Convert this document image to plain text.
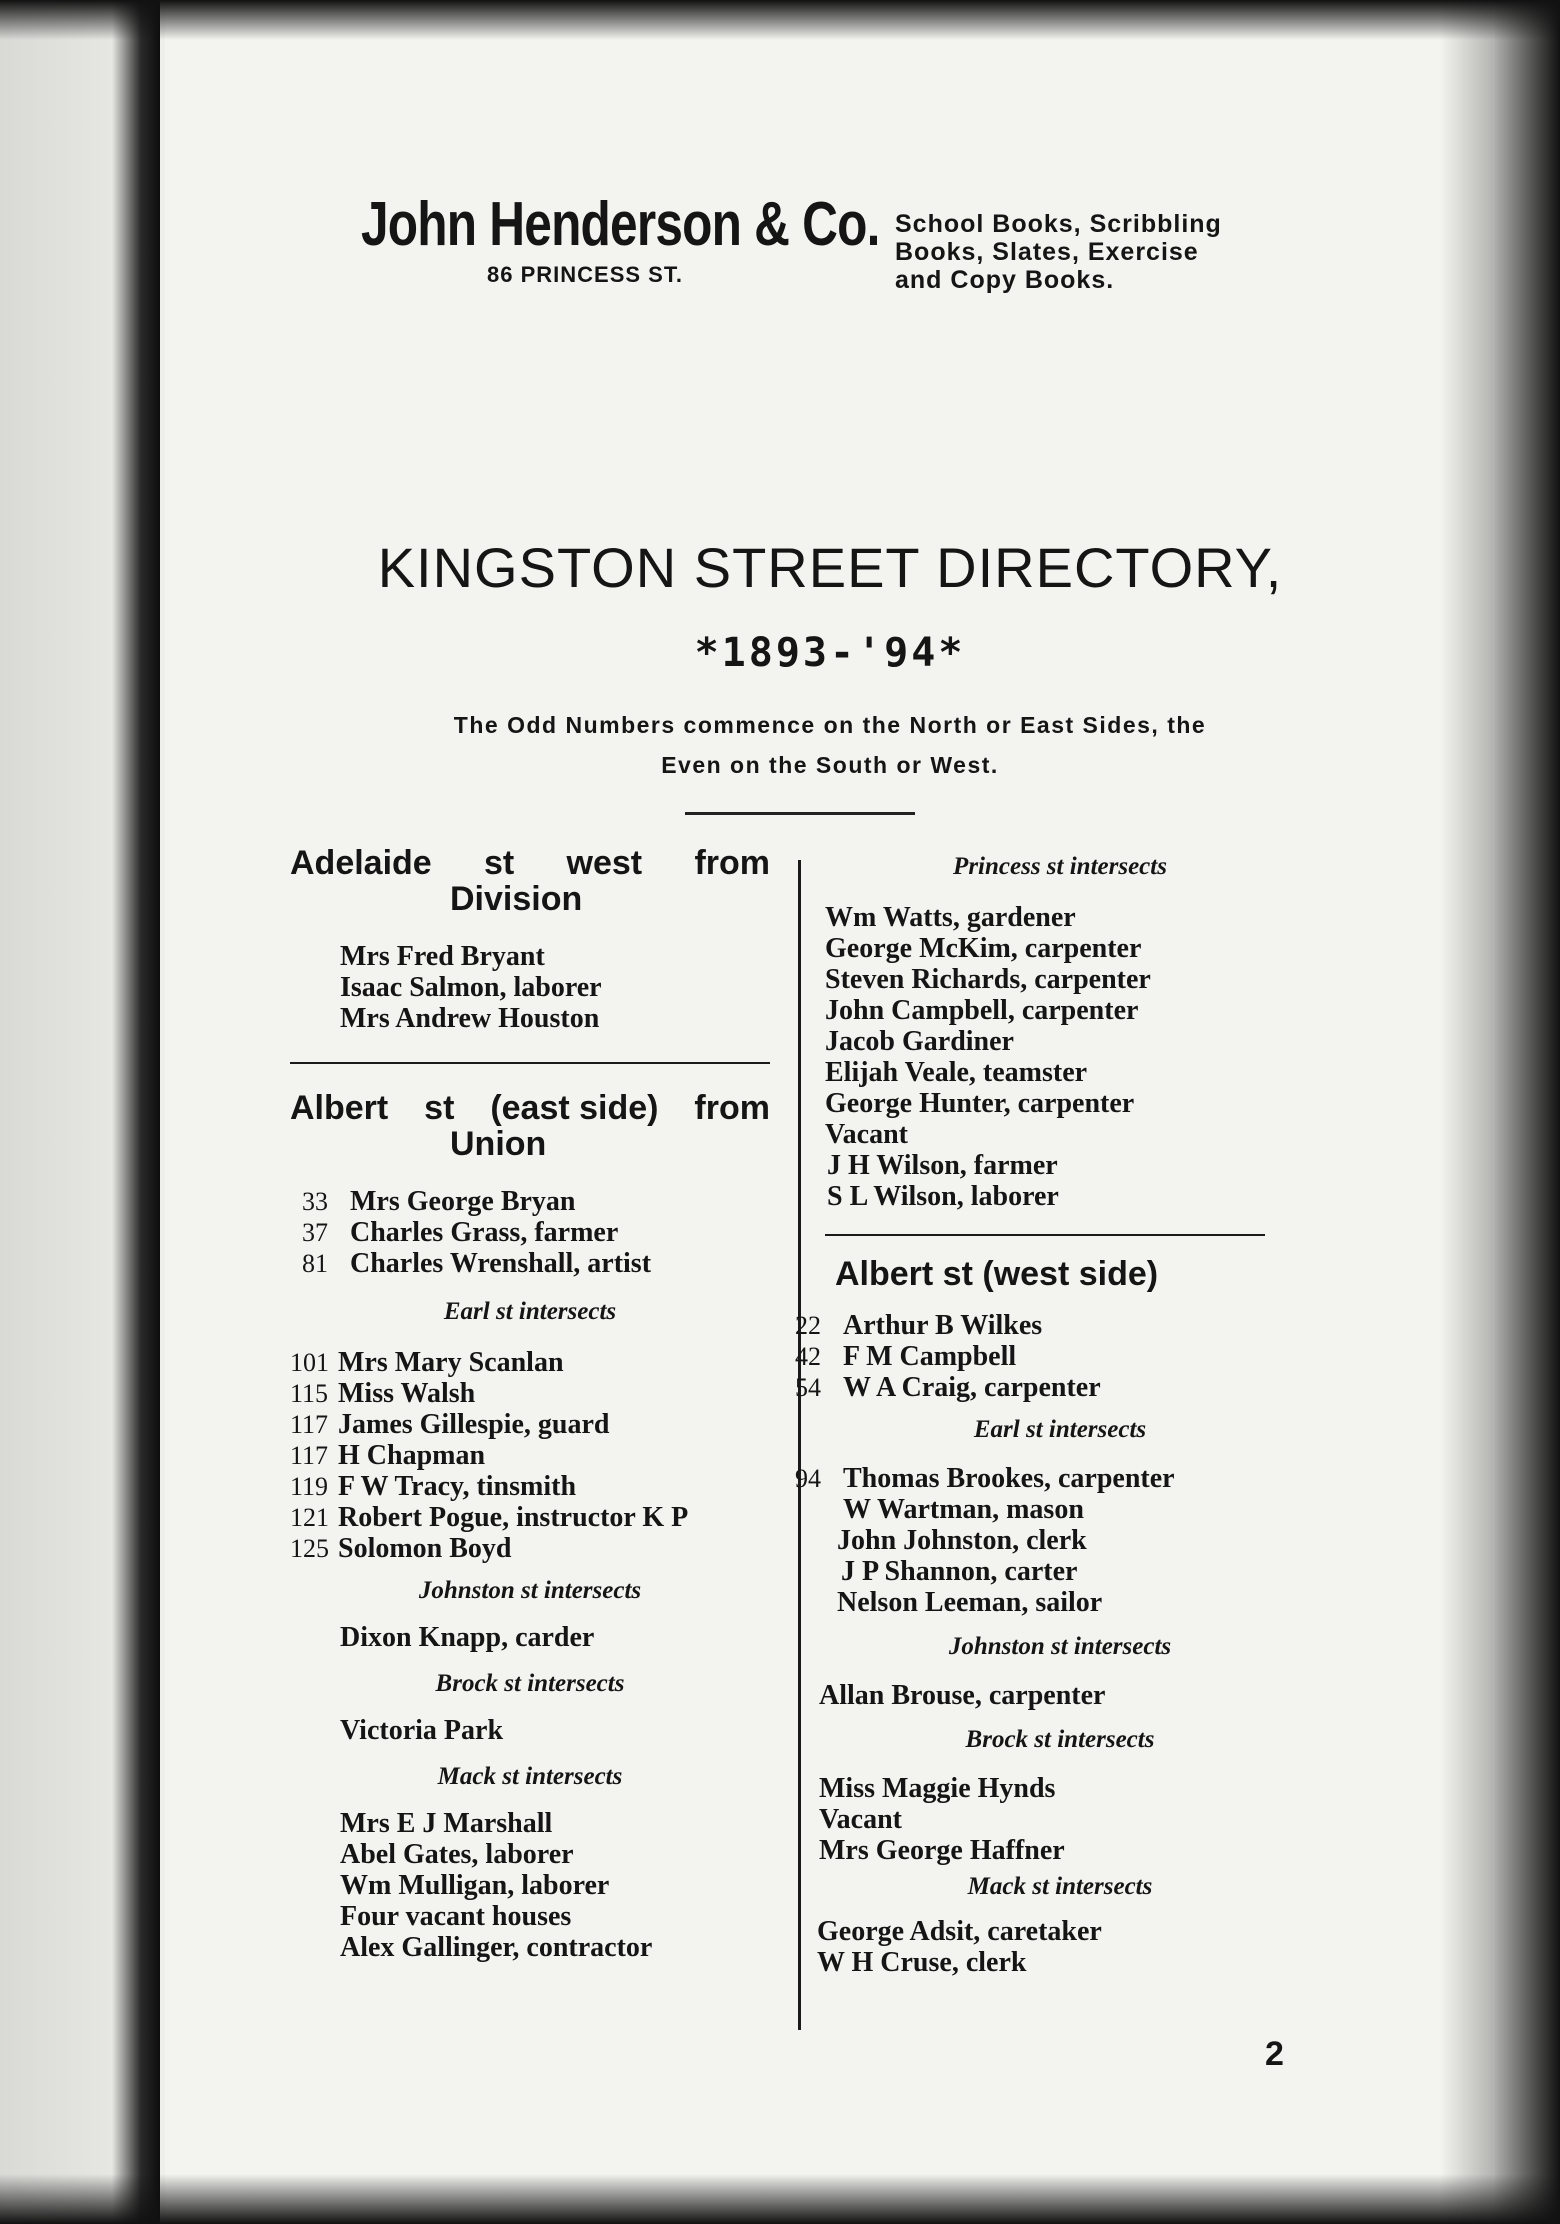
John Henderson & Co.
86 PRINCESS ST.
School Books, Scribbling
Books, Slates, Exercise
and Copy Books.
KINGSTON STREET DIRECTORY,
*1893-'94*
The Odd Numbers commence on the North or East Sides, the
Even on the South or West.
Adelaide st west from
Division
Mrs Fred Bryant
Isaac Salmon, laborer
Mrs Andrew Houston
Albert st (east side) from
Union
33 Mrs George Bryan
37 Charles Grass, farmer
81 Charles Wrenshall, artist
Earl st intersects
101 Mrs Mary Scanlan
115 Miss Walsh
117 James Gillespie, guard
117 H Chapman
119 F W Tracy, tinsmith
121 Robert Pogue, instructor K P
125 Solomon Boyd
Johnston st intersects
Dixon Knapp, carder
Brock st intersects
Victoria Park
Mack st intersects
Mrs E J Marshall
Abel Gates, laborer
Wm Mulligan, laborer
Four vacant houses
Alex Gallinger, contractor
Princess st intersects
Wm Watts, gardener
George McKim, carpenter
Steven Richards, carpenter
John Campbell, carpenter
Jacob Gardiner
Elijah Veale, teamster
George Hunter, carpenter
Vacant
J H Wilson, farmer
S L Wilson, laborer
Albert st (west side)
22 Arthur B Wilkes
42 F M Campbell
54 W A Craig, carpenter
Earl st intersects
94 Thomas Brookes, carpenter
W Wartman, mason
John Johnston, clerk
J P Shannon, carter
Nelson Leeman, sailor
Johnston st intersects
Allan Brouse, carpenter
Brock st intersects
Miss Maggie Hynds
Vacant
Mrs George Haffner
Mack st intersects
George Adsit, caretaker
W H Cruse, clerk
2
